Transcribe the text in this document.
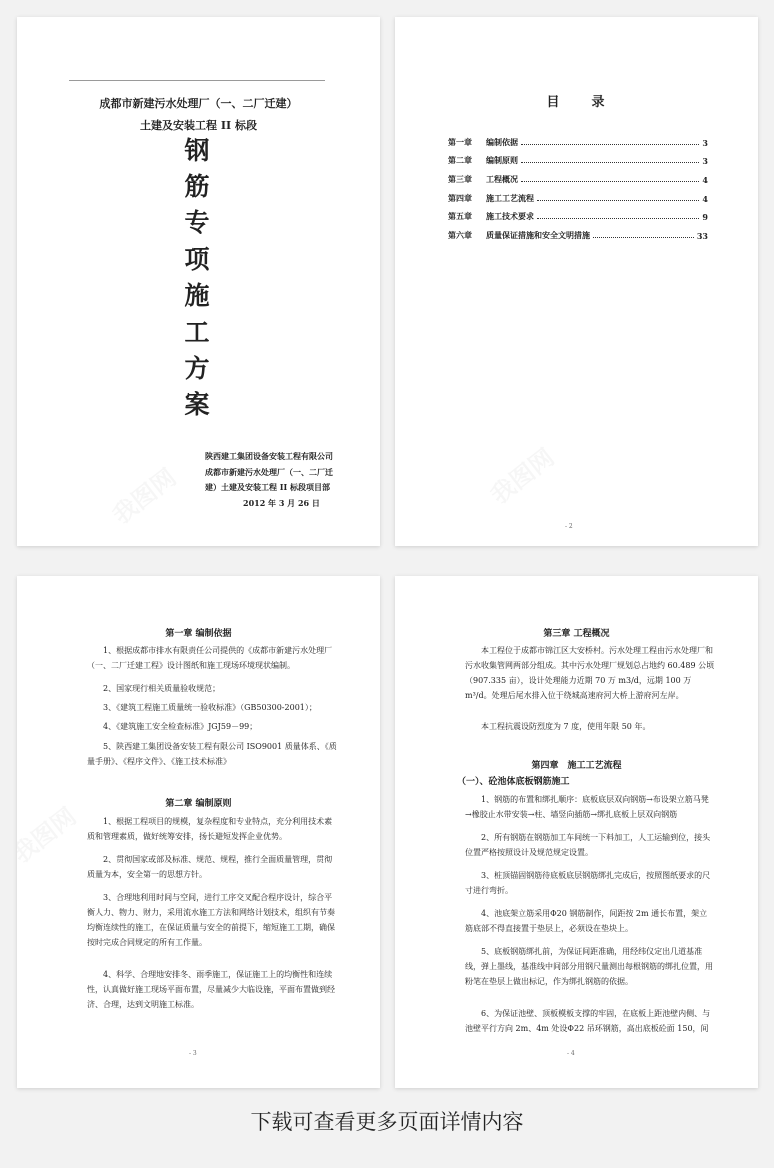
成都市新建污水处理厂（一、二厂迁建）
土建及安装工程 II 标段
钢
筋
专
项
施
工
方
案
陕西建工集团设备安装工程有限公司
成都市新建污水处理厂（一、二厂迁
建）土建及安装工程 II 标段项目部
2012 年 3 月 26 日
目　　录
第一章	编制依据	3
第二章	编制原则	3
第三章	工程概况	4
第四章	施工工艺流程	4
第五章	施工技术要求	9
第六章	质量保证措施和安全文明措施	33
- 2
第一章 编制依据
1、根据成都市排水有限责任公司提供的《成都市新建污水处理厂（一、二厂迁建工程》设计图纸和施工现场环境现状编制。
2、国家现行相关质量验收规范；
3、《建筑工程施工质量统一验收标准》（GB50300-2001）；
4、《建筑施工安全检查标准》JGJ59－99；
5、陕西建工集团设备安装工程有限公司 ISO9001 质量体系、《质量手册》、《程序文件》、《施工技术标准》
第二章 编制原则
1、根据工程项目的规模，复杂程度和专业特点，充分利用技术素质和管理素质，做好统筹安排，扬长避短发挥企业优势。
2、贯彻国家或部及标准、规范、规程，推行全面质量管理，贯彻质量为本，安全第一的思想方针。
3、合理地利用时间与空间，进行工序交叉配合程序设计，综合平衡人力、物力、财力，采用流水施工方法和网络计划技术，组织有节奏均衡连续性的施工，在保证质量与安全的前提下，缩短施工工期，确保按时完成合同规定的所有工作量。
4、科学、合理地安排冬、雨季施工，保证施工上的均衡性和连续性，认真做好施工现场平面布置，尽量减少大临设施，平面布置做到经济、合理，达到文明施工标准。
- 3
第三章 工程概况
本工程位于成都市锦江区大安桥村。污水处理工程由污水处理厂和污水收集管网两部分组成。其中污水处理厂规划总占地约 60.489 公顷（907.335 亩），设计处理能力近期 70 万 m3/d，远期 100 万 m³/d。处理后尾水排入位于绕城高速府河大桥上游府河左岸。
本工程抗震设防烈度为 7 度，使用年限 50 年。
第四章　施工工艺流程
（一）、砼池体底板钢筋施工
1、钢筋的布置和绑扎顺序：底板底层双向钢筋→布设架立筋马凳→橡胶止水带安装→柱、墙竖向插筋→绑扎底板上层双向钢筋
2、所有钢筋在钢筋加工车间统一下料加工，人工运输到位，接头位置严格按照设计及规范规定设置。
3、桩顶锚固钢筋待底板底层钢筋绑扎完成后，按照图纸要求的尺寸进行弯折。
4、池底架立筋采用Φ20 钢筋制作，间距按 2m 通长布置，架立筋底部不得直接置于垫层上，必须设在垫块上。
5、底板钢筋绑扎前，为保证间距准确，用经纬仪定出几道基准线，弹上墨线，基准线中间部分用钢尺量测出每根钢筋的绑扎位置，用粉笔在垫层上做出标记，作为绑扎钢筋的依据。
6、为保证池壁、顶板模板支撑的牢固，在底板上距池壁内侧、与池壁平行方向 2m、4m 处设Φ22 吊环钢筋，高出底板砼面 150，间
- 4
下载可查看更多页面详情内容
